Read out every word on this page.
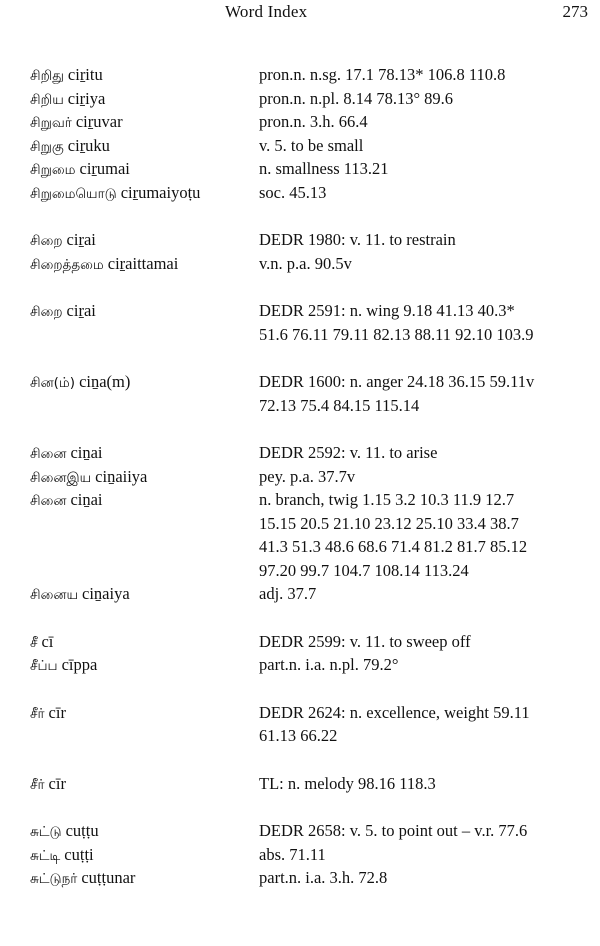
Word Index	273
சிறிது ciṟitu	pron.n. n.sg. 17.1 78.13* 106.8 110.8
சிறிய ciṟiya	pron.n. n.pl. 8.14 78.13° 89.6
சிறுவர் ciṟuvar	pron.n. 3.h. 66.4
சிறுகு ciṟuku	v. 5. to be small
சிறுமை ciṟumai	n. smallness 113.21
சிறுமையொடு ciṟumaiyoṭu	soc. 45.13
சிறை ciṟai	DEDR 1980: v. 11. to restrain
சிறைத்தமை ciṟaittamai	v.n. p.a. 90.5v
சிறை ciṟai	DEDR 2591: n. wing 9.18 41.13 40.3*
51.6 76.11 79.11 82.13 88.11 92.10 103.9
சின(ம்) ciṉa(m)	DEDR 1600: n. anger 24.18 36.15 59.11v
72.13 75.4 84.15 115.14
சினை ciṉai	DEDR 2592: v. 11. to arise
சினைஇய ciṉaiiya	pey. p.a. 37.7v
சினை ciṉai	n. branch, twig 1.15 3.2 10.3 11.9 12.7
15.15 20.5 21.10 23.12 25.10 33.4 38.7
41.3 51.3 48.6 68.6 71.4 81.2 81.7 85.12
97.20 99.7 104.7 108.14 113.24
சினைய ciṉaiya	adj. 37.7
சீ cī	DEDR 2599: v. 11. to sweep off
சீப்ப cīppa	part.n. i.a. n.pl. 79.2°
சீர் cīr	DEDR 2624: n. excellence, weight 59.11
61.13 66.22
சீர் cīr	TL: n. melody 98.16 118.3
சுட்டு cuṭṭu	DEDR 2658: v. 5. to point out – v.r. 77.6
சுட்டி cuṭṭi	abs. 71.11
சுட்டுநர் cuṭṭunar	part.n. i.a. 3.h. 72.8
